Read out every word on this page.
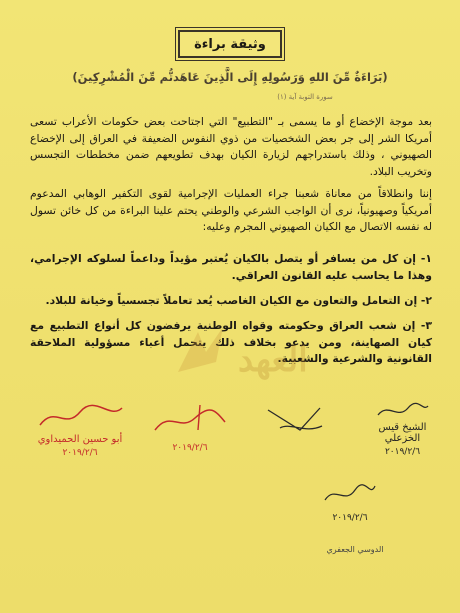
وثيقة براءة
(بَرَاءَةٌ مِّنَ اللهِ وَرَسُولِهِ إِلَى الَّذِينَ عَاهَدتُّم مِّنَ الْمُشْرِكِينَ)
سورة التوبة آية (١)
بعد موجة الإخضاع أو ما يسمى بـ "التطبيع" التي اجتاحت بعض حكومات الأعراب تسعى أمريكا الشر إلى جر بعض الشخصيات من ذوي النفوس الضعيفة في العراق إلى الإخضاع الصهيوني ، وذلك باستدراجهم لزيارة الكيان بهدف تطويعهم ضمن مخططات التجسس وتخريب البلاد.
إننا وانطلاقاً من معاناة شعبنا جراء العمليات الإجرامية لقوى التكفير الوهابي المدعوم أمريكياً وصهيونياً، نرى أن الواجب الشرعي والوطني يحتم علينا البراءة من كل خائن تسول له نفسه الاتصال مع الكيان الصهيوني المجرم وعليه:
١- إن كل من يسافر أو يتصل بالكيان يُعتبر مؤيداً وداعماً لسلوكه الإجرامي، وهذا ما يحاسب عليه القانون العراقي.
٢- إن التعامل والتعاون مع الكيان الغاصب يُعد تعاملاً تجسسياً وخيانة للبلاد.
٣- إن شعب العراق وحكومته وقواه الوطنية يرفضون كل أنواع التطبيع مع كيان الصهاينة، ومن يدعو بخلاف ذلك يتحمل أعباء مسؤولية الملاحقة القانونية والشرعية والشعبية.
العهد
الشيخ قيس الخزعلي
٢٠١٩/٢/٦
٢٠١٩/٢/٦
أبو حسين الحميداوي
٢٠١٩/٢/٦
٢٠١٩/٢/٦
الدوسي الجعفري
